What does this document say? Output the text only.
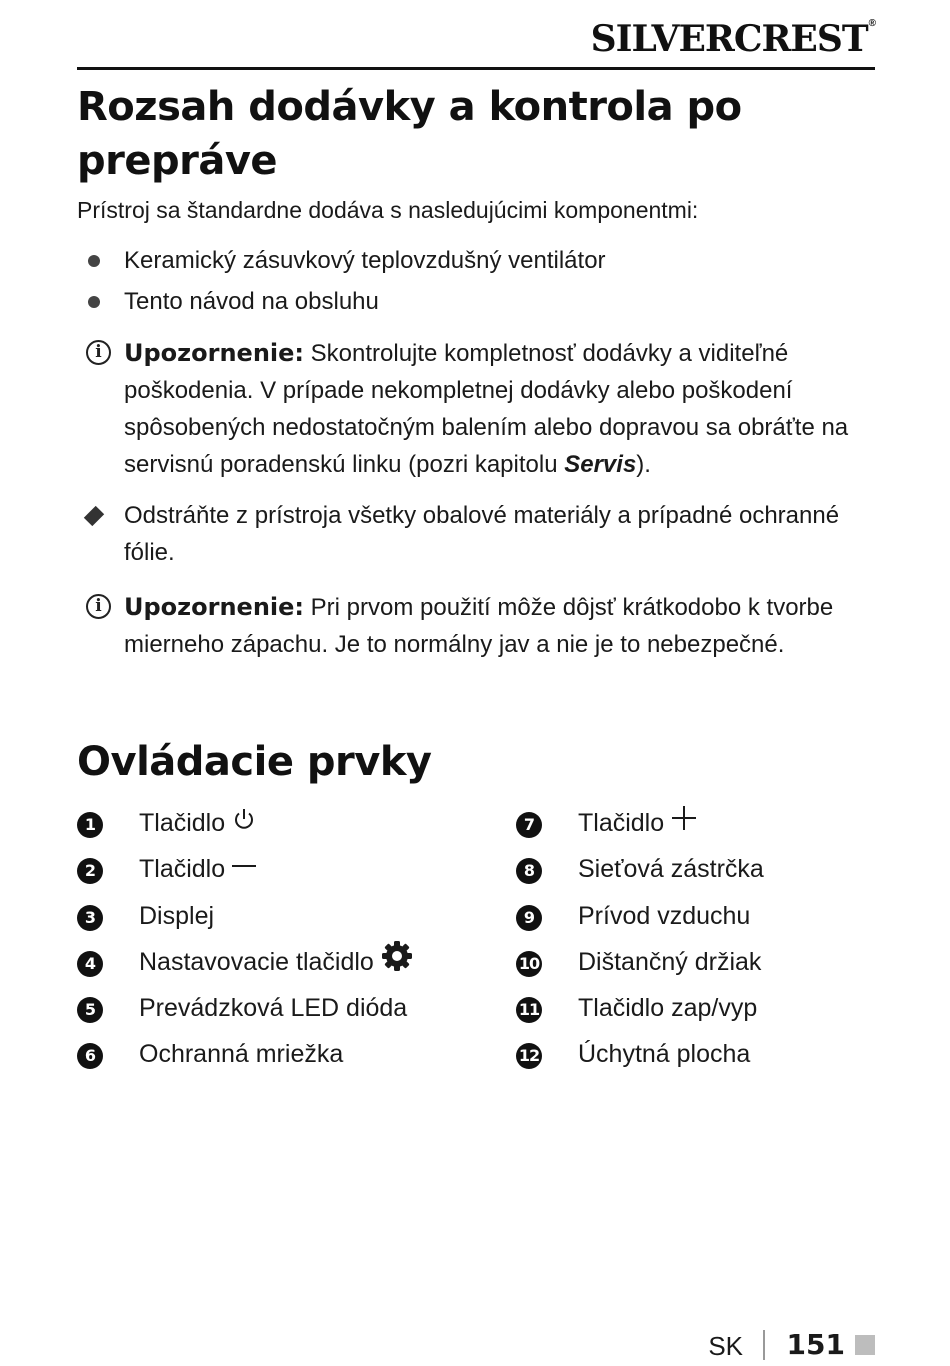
SILVERCREST®
Rozsah dodávky a kontrola po prepráve
Prístroj sa štandardne dodáva s nasledujúcimi komponentmi:
Keramický zásuvkový teplovzdušný ventilátor
Tento návod na obsluhu
i Upozornenie: Skontrolujte kompletnosť dodávky a viditeľné poškodenia. V prípade nekompletnej dodávky alebo poškodení spôsobených nedostatočným balením alebo dopravou sa obráťte na servisnú poradenskú linku (pozri kapitolu Servis).
Odstráňte z prístroja všetky obalové materiály a prípadné ochranné fólie.
i Upozornenie: Pri prvom použití môže dôjsť krátkodobo k tvorbe mierneho zápachu. Je to normálny jav a nie je to nebezpečné.
Ovládacie prvky
1	Tlačidlo
2	Tlačidlo
3	Displej
4	Nastavovacie tlačidlo
5	Prevádzková LED dióda
6	Ochranná mriežka
7	Tlačidlo
8	Sieťová zástrčka
9	Prívod vzduchu
10 Dištančný držiak
11 Tlačidlo zap/vyp
12 Úchytná plocha
SK 151
